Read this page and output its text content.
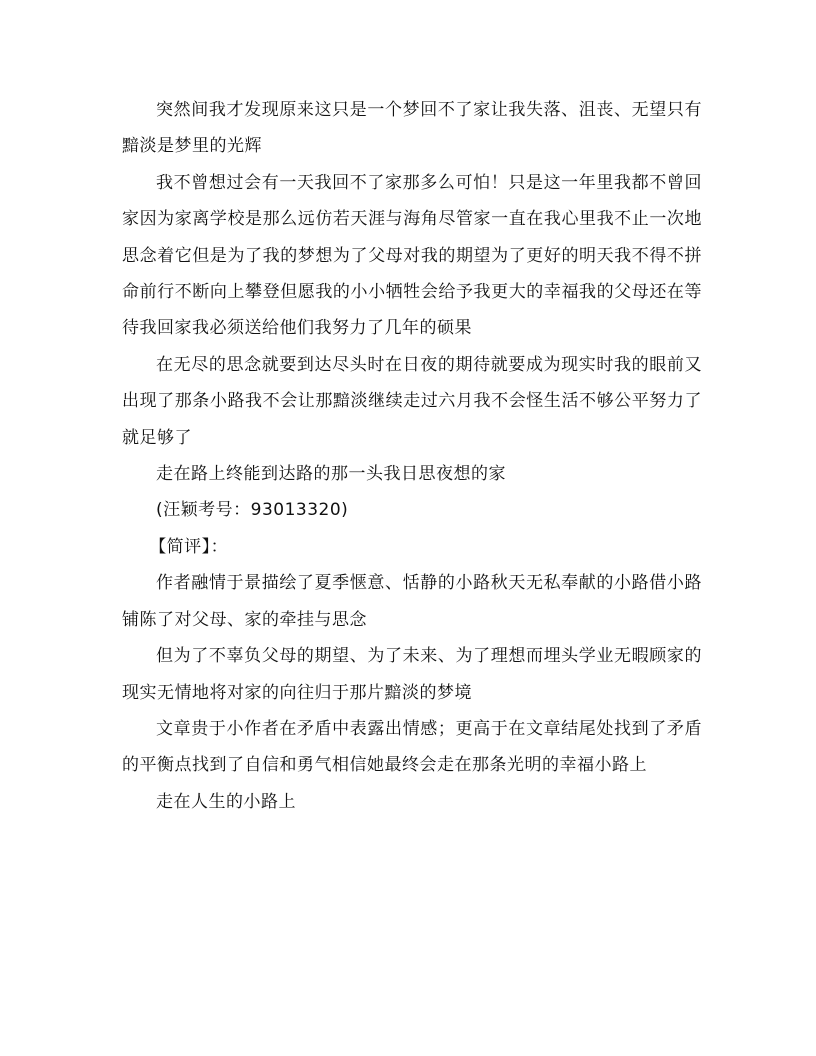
突然间我才发现原来这只是一个梦回不了家让我失落、沮丧、无望只有黯淡是梦里的光辉

我不曾想过会有一天我回不了家那多么可怕！只是这一年里我都不曾回家因为家离学校是那么远仿若天涯与海角尽管家一直在我心里我不止一次地思念着它但是为了我的梦想为了父母对我的期望为了更好的明天我不得不拼命前行不断向上攀登但愿我的小小牺牲会给予我更大的幸福我的父母还在等待我回家我必须送给他们我努力了几年的硕果

在无尽的思念就要到达尽头时在日夜的期待就要成为现实时我的眼前又出现了那条小路我不会让那黯淡继续走过六月我不会怪生活不够公平努力了就足够了

走在路上终能到达路的那一头我日思夜想的家

(汪颖考号：93013320)

【简评】：

作者融情于景描绘了夏季惬意、恬静的小路秋天无私奉献的小路借小路铺陈了对父母、家的牵挂与思念

但为了不辜负父母的期望、为了未来、为了理想而埋头学业无暇顾家的现实无情地将对家的向往归于那片黯淡的梦境

文章贵于小作者在矛盾中表露出情感；更高于在文章结尾处找到了矛盾的平衡点找到了自信和勇气相信她最终会走在那条光明的幸福小路上

走在人生的小路上
